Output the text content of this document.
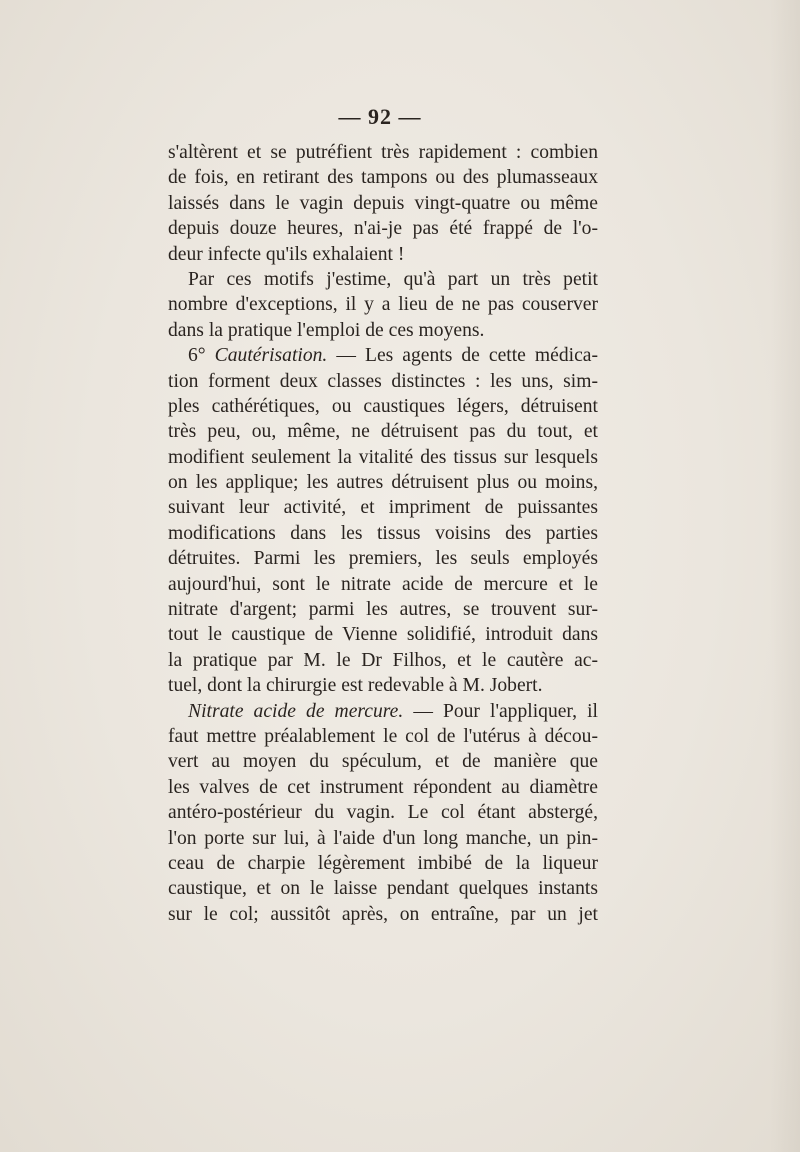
— 92 —
s'altèrent et se putréfient très rapidement : combien
de fois, en retirant des tampons ou des plumasseaux
laissés dans le vagin depuis vingt-quatre ou même
depuis douze heures, n'ai-je pas été frappé de l'o-
deur infecte qu'ils exhalaient !
Par ces motifs j'estime, qu'à part un très petit
nombre d'exceptions, il y a lieu de ne pas couserver
dans la pratique l'emploi de ces moyens.
6° Cautérisation. — Les agents de cette médica-
tion forment deux classes distinctes : les uns, sim-
ples cathérétiques, ou caustiques légers, détruisent
très peu, ou, même, ne détruisent pas du tout, et
modifient seulement la vitalité des tissus sur lesquels
on les applique; les autres détruisent plus ou moins,
suivant leur activité, et impriment de puissantes
modifications dans les tissus voisins des parties
détruites. Parmi les premiers, les seuls employés
aujourd'hui, sont le nitrate acide de mercure et le
nitrate d'argent; parmi les autres, se trouvent sur-
tout le caustique de Vienne solidifié, introduit dans
la pratique par M. le Dr Filhos, et le cautère ac-
tuel, dont la chirurgie est redevable à M. Jobert.
Nitrate acide de mercure. — Pour l'appliquer, il
faut mettre préalablement le col de l'utérus à décou-
vert au moyen du spéculum, et de manière que
les valves de cet instrument répondent au diamètre
antéro-postérieur du vagin. Le col étant abstergé,
l'on porte sur lui, à l'aide d'un long manche, un pin-
ceau de charpie légèrement imbibé de la liqueur
caustique, et on le laisse pendant quelques instants
sur le col; aussitôt après, on entraîne, par un jet
